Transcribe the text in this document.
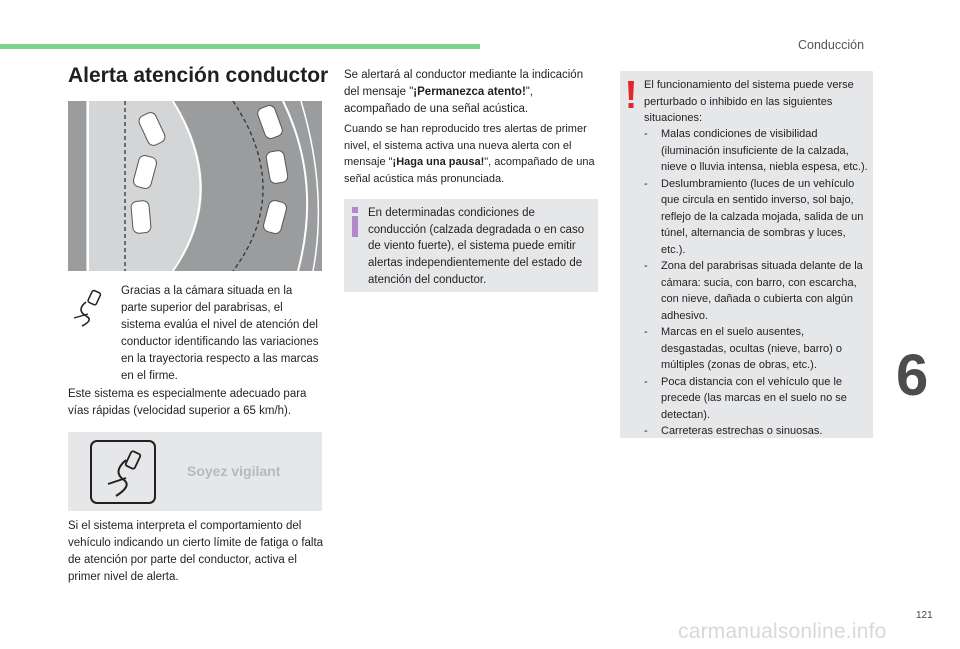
Conducción
Alerta atención conductor
Gracias a la cámara situada en la parte superior del parabrisas, el sistema evalúa el nivel de atención del conductor identificando las variaciones en la trayectoria respecto a las marcas en el firme.
Este sistema es especialmente adecuado para vías rápidas (velocidad superior a 65 km/h).
Soyez vigilant
Si el sistema interpreta el comportamiento del vehículo indicando un cierto límite de fatiga o falta de atención por parte del conductor, activa el primer nivel de alerta.
Se alertará al conductor mediante la indicación del mensaje "¡Permanezca atento!", acompañado de una señal acústica.
Cuando se han reproducido tres alertas de primer nivel, el sistema activa una nueva alerta con el mensaje "¡Haga una pausa!", acompañado de una señal acústica más pronunciada.
En determinadas condiciones de conducción (calzada degradada o en caso de viento fuerte), el sistema puede emitir alertas independientemente del estado de atención del conductor.
El funcionamiento del sistema puede verse perturbado o inhibido en las siguientes situaciones:
- Malas condiciones de visibilidad (iluminación insuficiente de la calzada, nieve o lluvia intensa, niebla espesa, etc.).
- Deslumbramiento (luces de un vehículo que circula en sentido inverso, sol bajo, reflejo de la calzada mojada, salida de un túnel, alternancia de sombras y luces, etc.).
- Zona del parabrisas situada delante de la cámara: sucia, con barro, con escarcha, con nieve, dañada o cubierta con algún adhesivo.
- Marcas en el suelo ausentes, desgastadas, ocultas (nieve, barro) o múltiples (zonas de obras, etc.).
- Poca distancia con el vehículo que le precede (las marcas en el suelo no se detectan).
- Carreteras estrechas o sinuosas.
6
121
carmanualsonline.info
